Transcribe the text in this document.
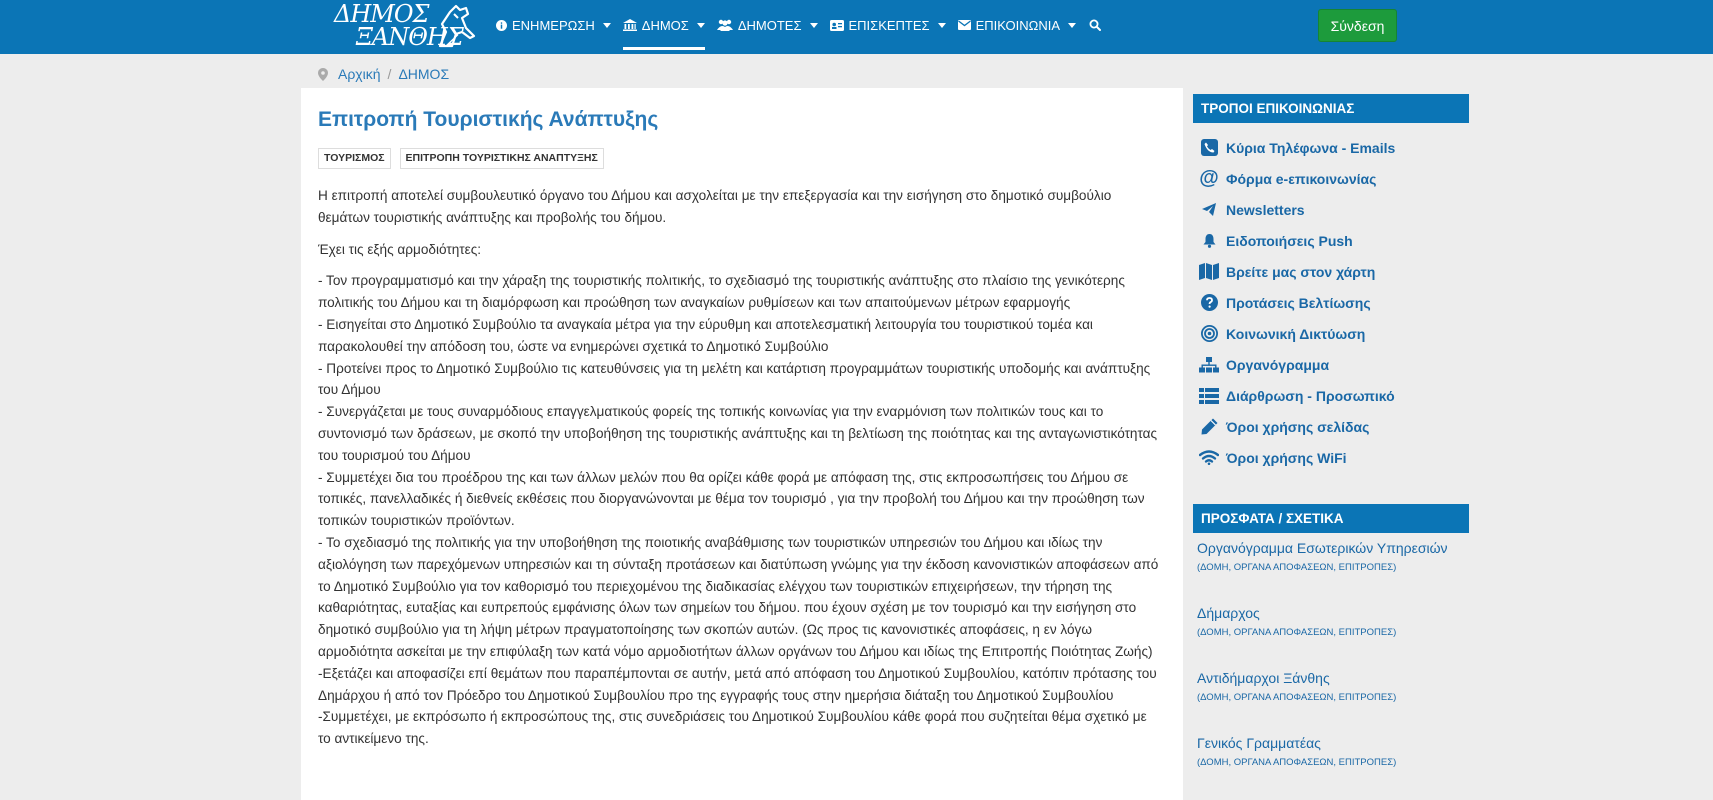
ΔΗΜΟΣ
ΞΑΝΘΗΣ	ΕΝΗΜΕΡΩΣΗ	ΔΗΜΟΣ	ΔΗΜΟΤΕΣ	ΕΠΙΣΚΕΠΤΕΣ	ΕΠΙΚΟΙΝΩΝΙΑ	Σύνδεση
Αρχική / ΔΗΜΟΣ
Επιτροπή Τουριστικής Ανάπτυξης
ΤΟΥΡΙΣΜΟΣ	ΕΠΙΤΡΟΠΗ ΤΟΥΡΙΣΤΙΚΗΣ ΑΝΑΠΤΥΞΗΣ

Η επιτροπή αποτελεί συμβουλευτικό όργανο του Δήμου και ασχολείται με την επεξεργασία και την εισήγηση στο δημοτικό συμβούλιο θεμάτων τουριστικής ανάπτυξης και προβολής του δήμου.

Έχει τις εξής αρμοδιότητες:

- Τον προγραμματισμό και την χάραξη της τουριστικής πολιτικής, το σχεδιασμό της τουριστικής ανάπτυξης στο πλαίσιο της γενικότερης πολιτικής του Δήμου και τη διαμόρφωση και προώθηση των αναγκαίων ρυθμίσεων και των απαιτούμενων μέτρων εφαρμογής

- Εισηγείται στο Δημοτικό Συμβούλιο τα αναγκαία μέτρα για την εύρυθμη και αποτελεσματική λειτουργία του τουριστικού τομέα και παρακολουθεί την απόδοση του, ώστε να ενημερώνει σχετικά το Δημοτικό Συμβούλιο

- Προτείνει προς το Δημοτικό Συμβούλιο τις κατευθύνσεις για τη μελέτη και κατάρτιση προγραμμάτων τουριστικής υποδομής και ανάπτυξης του Δήμου

- Συνεργάζεται με τους συναρμόδιους επαγγελματικούς φορείς της τοπικής κοινωνίας για την εναρμόνιση των πολιτικών τους και το συντονισμό των δράσεων, με σκοπό την υποβοήθηση της τουριστικής ανάπτυξης και τη βελτίωση της ποιότητας και της ανταγωνιστικότητας του τουρισμού του Δήμου

- Συμμετέχει δια του προέδρου της και των άλλων μελών που θα ορίζει κάθε φορά με απόφαση της, στις εκπροσωπήσεις του Δήμου σε τοπικές, πανελλαδικές ή διεθνείς εκθέσεις που διοργανώνονται με θέμα τον τουρισμό , για την προβολή του Δήμου και την προώθηση των τοπικών τουριστικών προϊόντων.

- Το σχεδιασμό της πολιτικής για την υποβοήθηση της ποιοτικής αναβάθμισης των τουριστικών υπηρεσιών του Δήμου και ιδίως την αξιολόγηση των παρεχόμενων υπηρεσιών και τη σύνταξη προτάσεων και διατύπωση γνώμης για την έκδοση κανονιστικών αποφάσεων από το Δημοτικό Συμβούλιο για τον καθορισμό του περιεχομένου της διαδικασίας ελέγχου των τουριστικών επιχειρήσεων, την τήρηση της καθαριότητας, ευταξίας και ευπρεπούς εμφάνισης όλων των σημείων του δήμου. που έχουν σχέση με τον τουρισμό και την εισήγηση στο δημοτικό συμβούλιο για τη λήψη μέτρων πραγματοποίησης των σκοπών αυτών. (Ως προς τις κανονιστικές αποφάσεις, η εν λόγω αρμοδιότητα ασκείται με την επιφύλαξη των κατά νόμο αρμοδιοτήτων άλλων οργάνων του Δήμου και ιδίως της Επιτροπής Ποιότητας Ζωής)

-Εξετάζει και αποφασίζει επί θεμάτων που παραπέμπονται σε αυτήν, μετά από απόφαση του Δημοτικού Συμβουλίου, κατόπιν πρότασης του Δημάρχου ή από τον Πρόεδρο του Δημοτικού Συμβουλίου προ της εγγραφής τους στην ημερήσια διάταξη του Δημοτικού Συμβουλίου

-Συμμετέχει, με εκπρόσωπο ή εκπροσώπους της, στις συνεδριάσεις του Δημοτικού Συμβουλίου κάθε φορά που συζητείται θέμα σχετικό με το αντικείμενο της.

ΤΡΟΠΟΙ ΕΠΙΚΟΙΝΩΝΙΑΣ
Κύρια Τηλέφωνα - Emails
@ Φόρμα e-επικοινωνίας
Newsletters
Ειδοποιήσεις Push
Βρείτε μας στον χάρτη
Προτάσεις Βελτίωσης
Κοινωνική Δικτύωση
Οργανόγραμμα
Διάρθρωση - Προσωπικό
Όροι χρήσης σελίδας
Όροι χρήσης WiFi
ΠΡΟΣΦΑΤΑ / ΣΧΕΤΙΚΑ
Οργανόγραμμα Εσωτερικών Υπηρεσιών
(ΔΟΜΗ, ΟΡΓΑΝΑ ΑΠΟΦΑΣΕΩΝ, ΕΠΙΤΡΟΠΕΣ)
Δήμαρχος
(ΔΟΜΗ, ΟΡΓΑΝΑ ΑΠΟΦΑΣΕΩΝ, ΕΠΙΤΡΟΠΕΣ)
Αντιδήμαρχοι Ξάνθης
(ΔΟΜΗ, ΟΡΓΑΝΑ ΑΠΟΦΑΣΕΩΝ, ΕΠΙΤΡΟΠΕΣ)
Γενικός Γραμματέας
(ΔΟΜΗ, ΟΡΓΑΝΑ ΑΠΟΦΑΣΕΩΝ, ΕΠΙΤΡΟΠΕΣ)
